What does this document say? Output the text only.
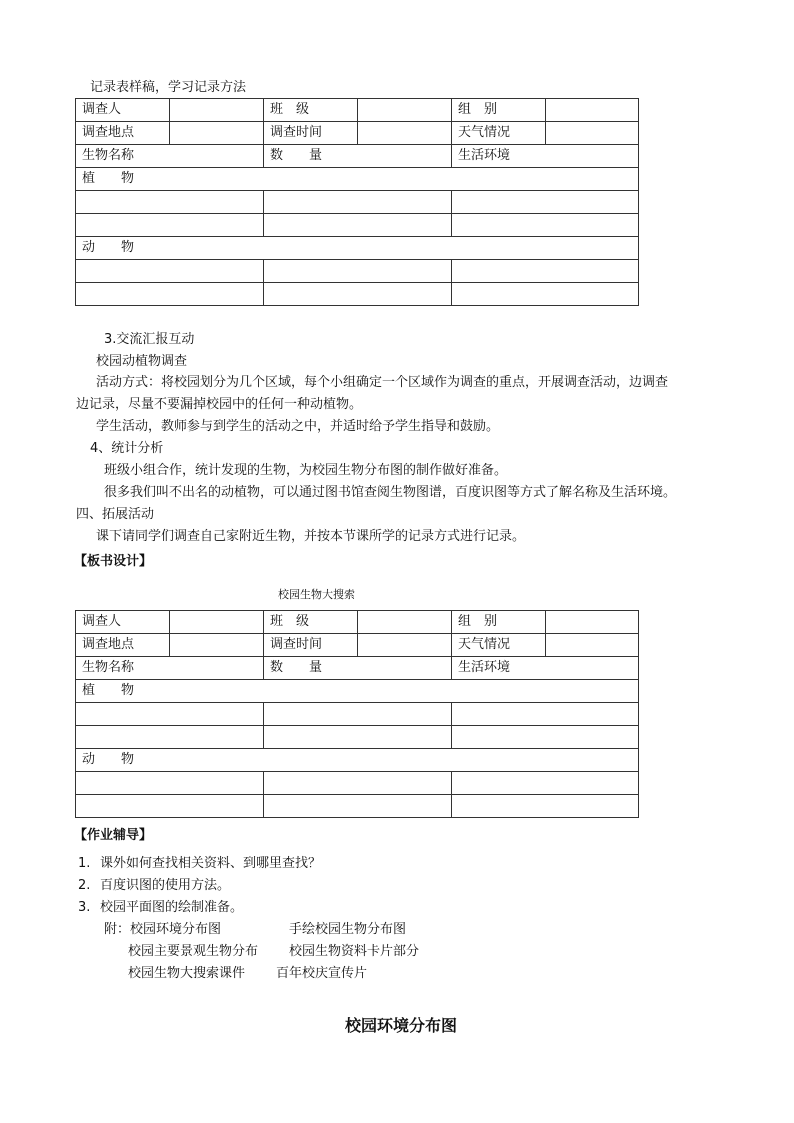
记录表样稿，学习记录方法
调查人		班　级		组　别	
调查地点		调查时间		天气情况	
生物名称		数　　量		生活环境	
植　　物					

动　　物					

3.交流汇报互动
校园动植物调查
活动方式：将校园划分为几个区域，每个小组确定一个区域作为调查的重点，开展调查活动，边调查
边记录，尽量不要漏掉校园中的任何一种动植物。
学生活动，教师参与到学生的活动之中，并适时给予学生指导和鼓励。
4、统计分析
班级小组合作，统计发现的生物，为校园生物分布图的制作做好准备。
很多我们叫不出名的动植物，可以通过图书馆查阅生物图谱，百度识图等方式了解名称及生活环境。
四、拓展活动
课下请同学们调查自己家附近生物，并按本节课所学的记录方式进行记录。
【板书设计】
校园生物大搜索
调查人		班　级		组　别	
调查地点		调查时间		天气情况	
生物名称		数　　量		生活环境	
植　　物					

动　　物					

【作业辅导】
1. 课外如何查找相关资料、到哪里查找？
2. 百度识图的使用方法。
3. 校园平面图的绘制准备。
附： 校园环境分布图	手绘校园生物分布图
校园主要景观生物分布 校园生物资料卡片部分
校园生物大搜索课件 百年校庆宣传片
校园环境分布图
